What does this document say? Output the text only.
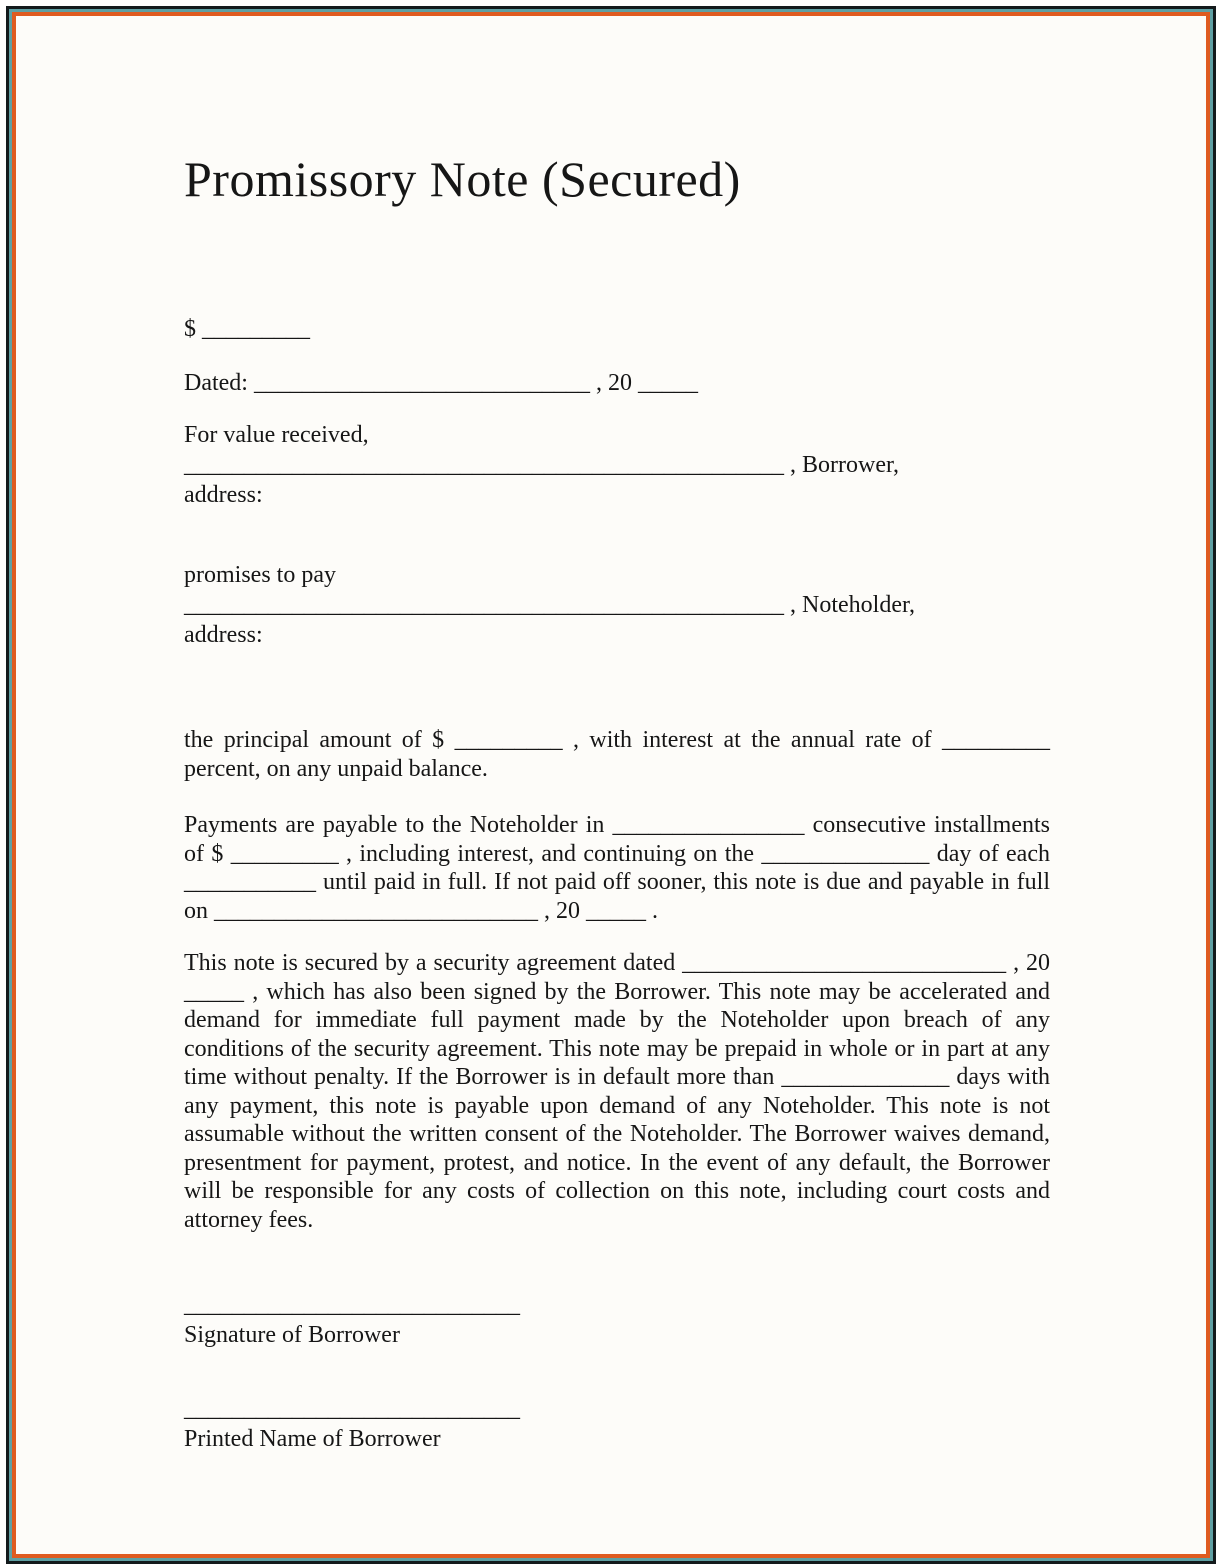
Promissory Note (Secured)
$ _________
Dated: ____________________________ , 20 _____
For value received,
__________________________________________________ , Borrower,
address:
promises to pay
__________________________________________________ , Noteholder,
address:

the principal amount of $ _________ , with interest at the annual rate of _________ percent, on any unpaid balance.

Payments are payable to the Noteholder in ________________ consecutive installments of $ _________ , including interest, and continuing on the ______________ day of each ___________ until paid in full. If not paid off sooner, this note is due and payable in full on ___________________________ , 20 _____ .

This note is secured by a security agreement dated ___________________________ , 20 _____ , which has also been signed by the Borrower. This note may be accelerated and demand for immediate full payment made by the Noteholder upon breach of any conditions of the security agreement. This note may be prepaid in whole or in part at any time without penalty. If the Borrower is in default more than ______________ days with any payment, this note is payable upon demand of any Noteholder. This note is not assumable without the written consent of the Noteholder. The Borrower waives demand, presentment for payment, protest, and notice. In the event of any default, the Borrower will be responsible for any costs of collection on this note, including court costs and attorney fees.

____________________________
Signature of Borrower
____________________________
Printed Name of Borrower
